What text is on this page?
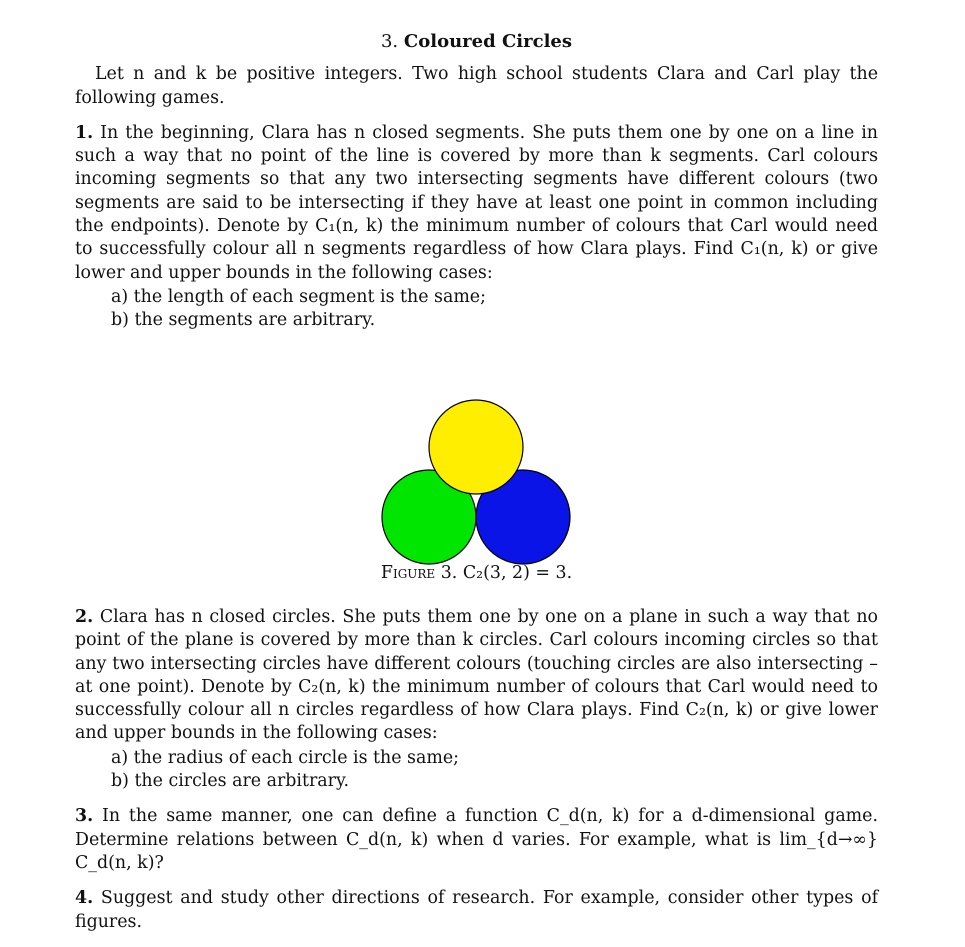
3. Coloured Circles

Let n and k be positive integers. Two high school students Clara and Carl play the following games.

1. In the beginning, Clara has n closed segments. She puts them one by one on a line in such a way that no point of the line is covered by more than k segments. Carl colours incoming segments so that any two intersecting segments have different colours (two segments are said to be intersecting if they have at least one point in common including the endpoints). Denote by C₁(n, k) the minimum number of colours that Carl would need to successfully colour all n segments regardless of how Clara plays. Find C₁(n, k) or give lower and upper bounds in the following cases:

a) the length of each segment is the same;
b) the segments are arbitrary.
Figure 3. C₂(3, 2) = 3.

2. Clara has n closed circles. She puts them one by one on a plane in such a way that no point of the plane is covered by more than k circles. Carl colours incoming circles so that any two intersecting circles have different colours (touching circles are also intersecting – at one point). Denote by C₂(n, k) the minimum number of colours that Carl would need to successfully colour all n circles regardless of how Clara plays. Find C₂(n, k) or give lower and upper bounds in the following cases:

a) the radius of each circle is the same;
b) the circles are arbitrary.

3. In the same manner, one can define a function C_d(n, k) for a d-dimensional game. Determine relations between C_d(n, k) when d varies. For example, what is lim_{d→∞} C_d(n, k)?

4. Suggest and study other directions of research. For example, consider other types of figures.
